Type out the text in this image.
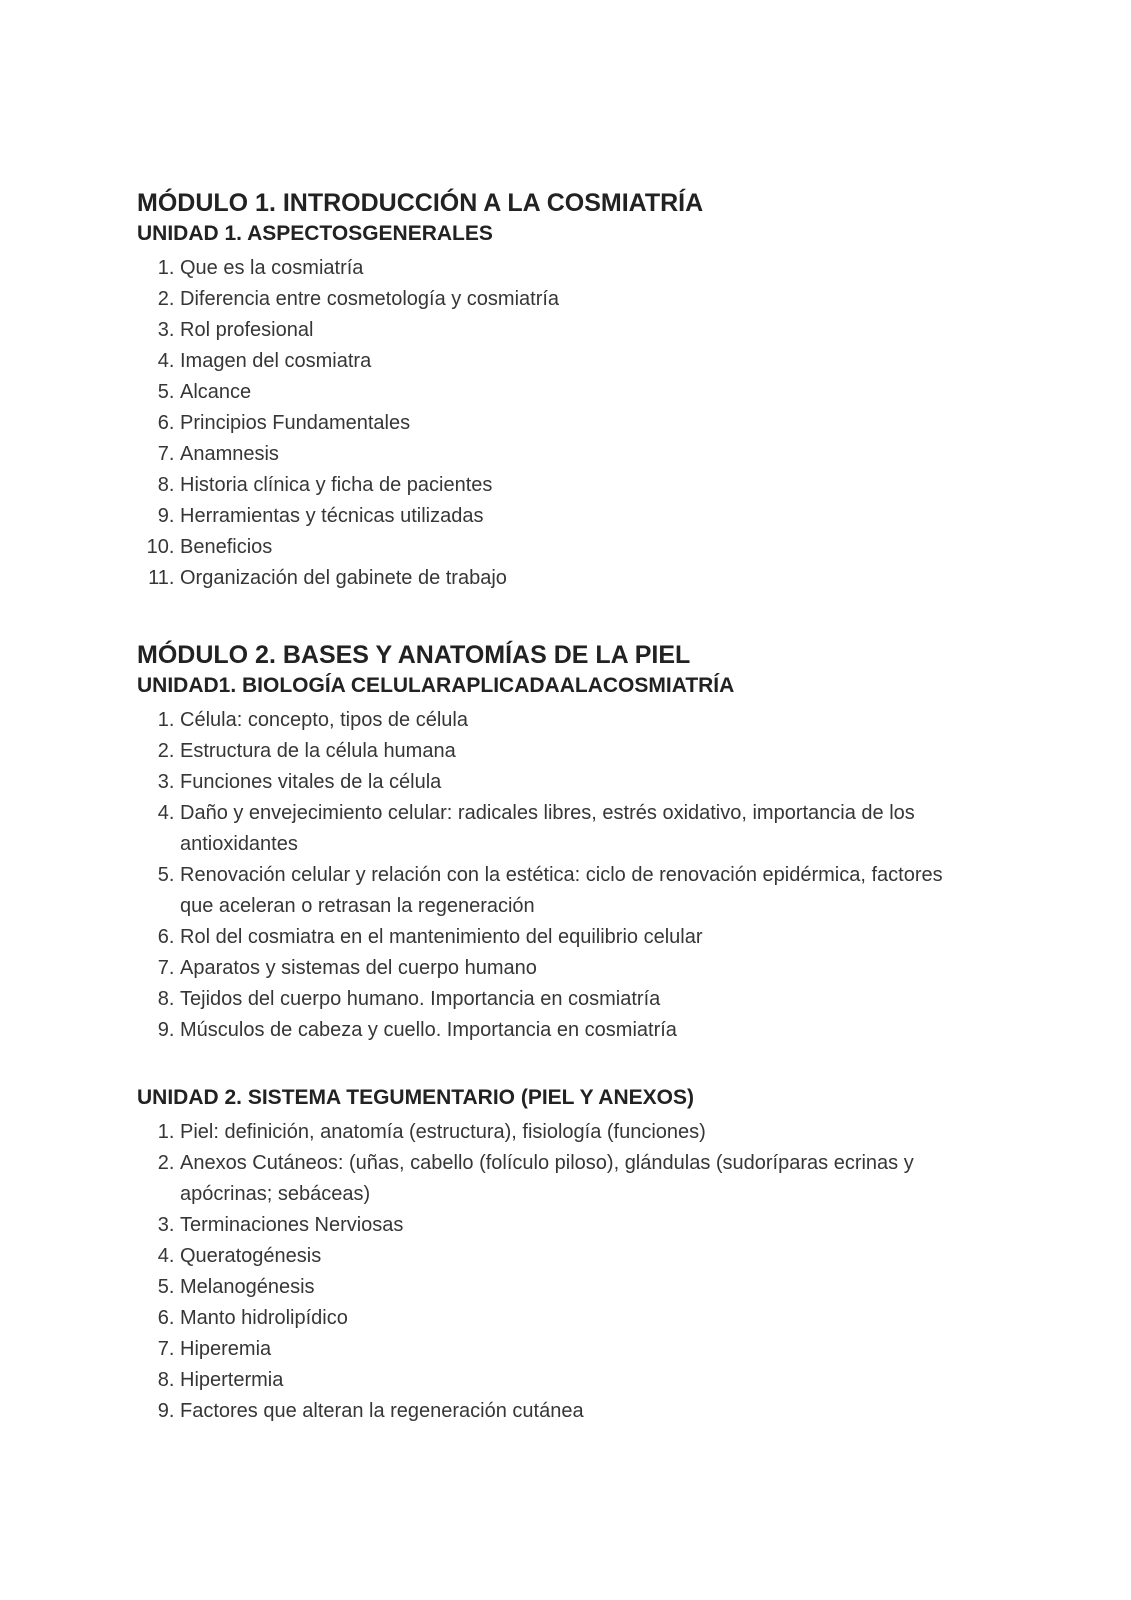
MÓDULO 1. INTRODUCCIÓN A LA COSMIATRÍA
UNIDAD 1. ASPECTOSGENERALES
1. Que es la cosmiatría
2. Diferencia entre cosmetología y cosmiatría
3. Rol profesional
4. Imagen del cosmiatra
5. Alcance
6. Principios Fundamentales
7. Anamnesis
8. Historia clínica y ficha de pacientes
9. Herramientas y técnicas utilizadas
10. Beneficios
11. Organización del gabinete de trabajo
MÓDULO 2. BASES Y ANATOMÍAS DE LA PIEL
UNIDAD1. BIOLOGÍA CELULARAPLICADAALACOSMIATRÍA
1. Célula: concepto, tipos de célula
2. Estructura de la célula humana
3. Funciones vitales de la célula
4. Daño y envejecimiento celular: radicales libres, estrés oxidativo, importancia de los antioxidantes
5. Renovación celular y relación con la estética: ciclo de renovación epidérmica, factores que aceleran o retrasan la regeneración
6. Rol del cosmiatra en el mantenimiento del equilibrio celular
7. Aparatos y sistemas del cuerpo humano
8. Tejidos del cuerpo humano. Importancia en cosmiatría
9. Músculos de cabeza y cuello. Importancia en cosmiatría
UNIDAD 2. SISTEMA TEGUMENTARIO (PIEL Y ANEXOS)
1. Piel: definición, anatomía (estructura), fisiología (funciones)
2. Anexos Cutáneos: (uñas, cabello (folículo piloso), glándulas (sudoríparas ecrinas y apócrinas; sebáceas)
3. Terminaciones Nerviosas
4. Queratogénesis
5. Melanogénesis
6. Manto hidrolipídico
7. Hiperemia
8. Hipertermia
9. Factores que alteran la regeneración cutánea
